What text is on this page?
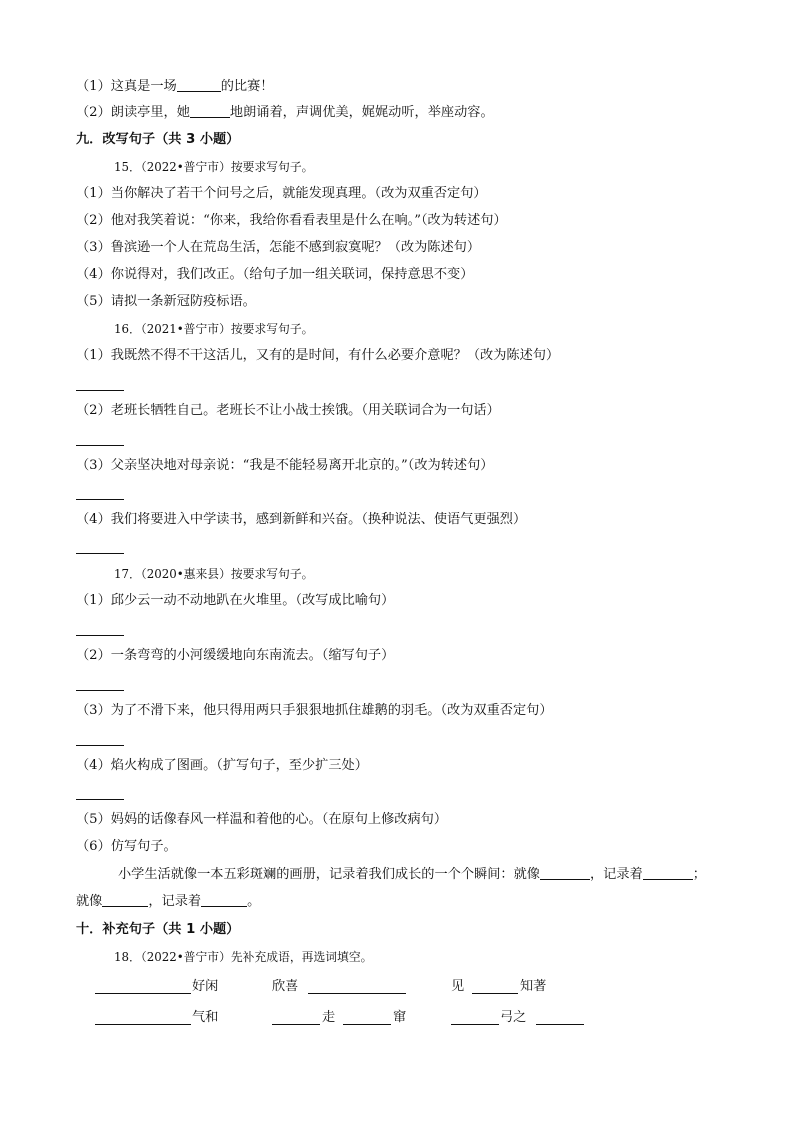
（1）这真是一场	的比赛！
（2）朗读亭里，她	地朗诵着，声调优美，娓娓动听，举座动容。
九．改写句子（共 3 小题）
15．（2022•普宁市）按要求写句子。
（1）当你解决了若干个问号之后，就能发现真理。（改为双重否定句）
（2）他对我笑着说：“你来，我给你看看表里是什么在响。”（改为转述句）
（3）鲁滨逊一个人在荒岛生活，怎能不感到寂寞呢？（改为陈述句）
（4）你说得对，我们改正。（给句子加一组关联词，保持意思不变）
（5）请拟一条新冠防疫标语。
16．（2021•普宁市）按要求写句子。
（1）我既然不得不干这活儿，又有的是时间，有什么必要介意呢？（改为陈述句）
（2）老班长牺牲自己。老班长不让小战士挨饿。（用关联词合为一句话）
（3）父亲坚决地对母亲说：“我是不能轻易离开北京的。”（改为转述句）
（4）我们将要进入中学读书，感到新鲜和兴奋。（换种说法、使语气更强烈）
17．（2020•惠来县）按要求写句子。
（1）邱少云一动不动地趴在火堆里。（改写成比喻句）
（2）一条弯弯的小河缓缓地向东南流去。（缩写句子）
（3）为了不滑下来，他只得用两只手狠狠地抓住雄鹅的羽毛。（改为双重否定句）
（4）焰火构成了图画。（扩写句子，至少扩三处）
（5）妈妈的话像春风一样温和着他的心。（在原句上修改病句）
（6）仿写句子。
小学生活就像一本五彩斑斓的画册，记录着我们成长的一个个瞬间：就像	，记录着	；
就像	，记录着	。
十．补充句子（共 1 小题）
18．（2022•普宁市）先补充成语，再选词填空。
好闲	欣喜	见	知著
气和	走	窜	弓之
